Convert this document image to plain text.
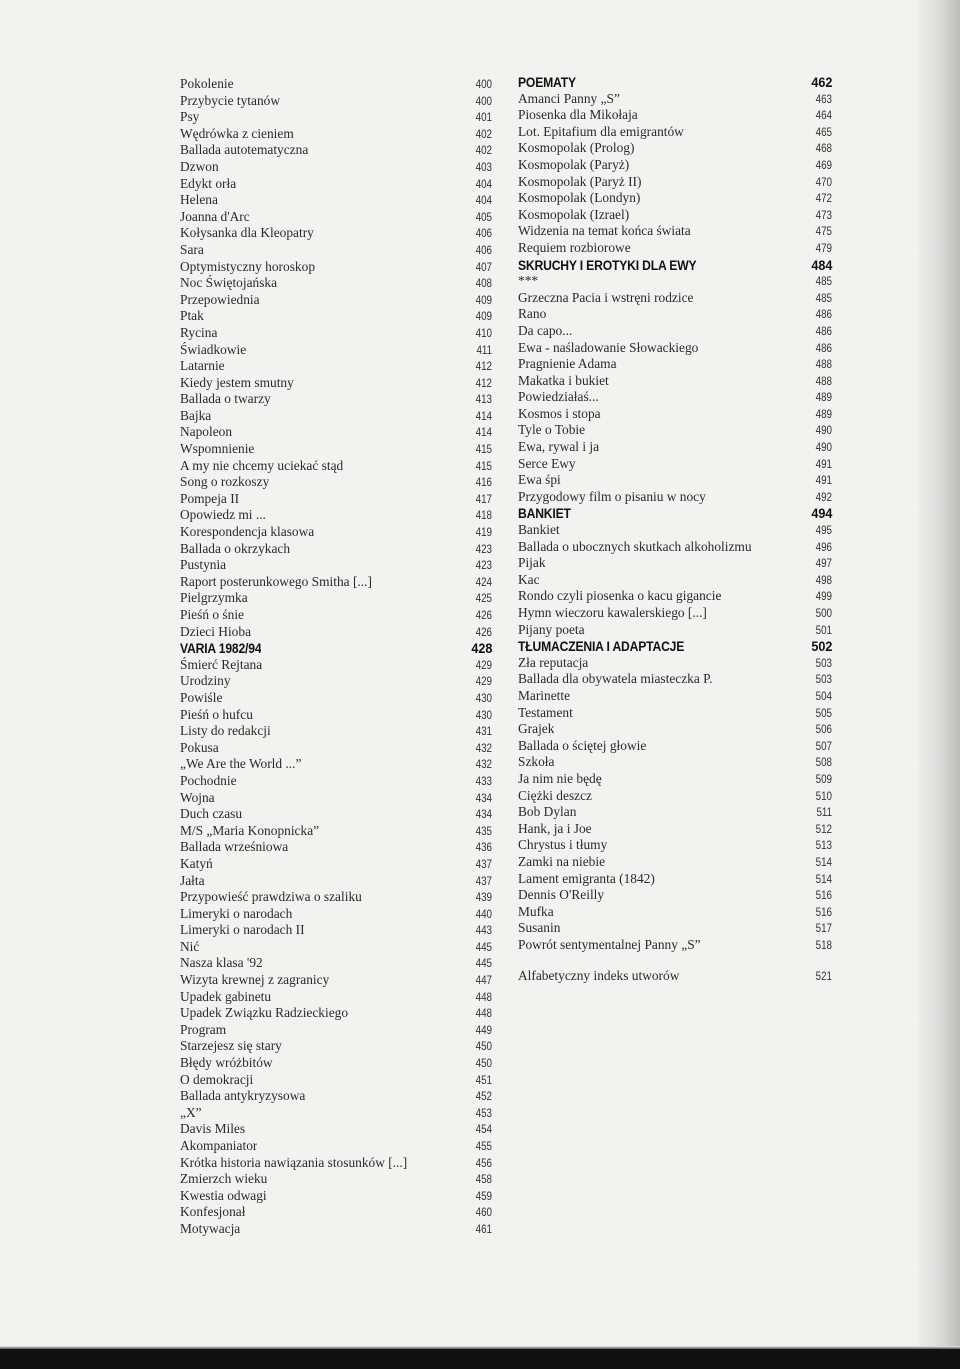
Pokolenie	400
Przybycie tytanów	400
Psy	401
Wędrówka z cieniem	402
Ballada autotematyczna	402
Dzwon	403
Edykt orła	404
Helena	404
Joanna d'Arc	405
Kołysanka dla Kleopatry	406
Sara	406
Optymistyczny horoskop	407
Noc Świętojańska	408
Przepowiednia	409
Ptak	409
Rycina	410
Świadkowie	411
Latarnie	412
Kiedy jestem smutny	412
Ballada o twarzy	413
Bajka	414
Napoleon	414
Wspomnienie	415
A my nie chcemy uciekać stąd	415
Song o rozkoszy	416
Pompeja II	417
Opowiedz mi ...	418
Korespondencja klasowa	419
Ballada o okrzykach	423
Pustynia	423
Raport posterunkowego Smitha [...]	424
Pielgrzymka	425
Pieśń o śnie	426
Dzieci Hioba	426
VARIA 1982/94	428
Śmierć Rejtana	429
Urodziny	429
Powiśle	430
Pieśń o hufcu	430
Listy do redakcji	431
Pokusa	432
„We Are the World ...”	432
Pochodnie	433
Wojna	434
Duch czasu	434
M/S „Maria Konopnicka”	435
Ballada wrześniowa	436
Katyń	437
Jałta	437
Przypowieść prawdziwa o szaliku	439
Limeryki o narodach	440
Limeryki o narodach II	443
Nić	445
Nasza klasa '92	445
Wizyta krewnej z zagranicy	447
Upadek gabinetu	448
Upadek Związku Radzieckiego	448
Program	449
Starzejesz się stary	450
Błędy wróżbitów	450
O demokracji	451
Ballada antykryzysowa	452
„X”	453
Davis Miles	454
Akompaniator	455
Krótka historia nawiązania stosunków [...]	456
Zmierzch wieku	458
Kwestia odwagi	459
Konfesjonał	460
Motywacja	461
POEMATY	462
Amanci Panny „S”	463
Piosenka dla Mikołaja	464
Lot. Epitafium dla emigrantów	465
Kosmopolak (Prolog)	468
Kosmopolak (Paryż)	469
Kosmopolak (Paryż II)	470
Kosmopolak (Londyn)	472
Kosmopolak (Izrael)	473
Widzenia na temat końca świata	475
Requiem rozbiorowe	479
SKRUCHY I EROTYKI DLA EWY	484
***	485
Grzeczna Pacia i wstręni rodzice	485
Rano	486
Da capo...	486
Ewa - naśladowanie Słowackiego	486
Pragnienie Adama	488
Makatka i bukiet	488
Powiedziałaś...	489
Kosmos i stopa	489
Tyle o Tobie	490
Ewa, rywal i ja	490
Serce Ewy	491
Ewa śpi	491
Przygodowy film o pisaniu w nocy	492
BANKIET	494
Bankiet	495
Ballada o ubocznych skutkach alkoholizmu	496
Pijak	497
Kac	498
Rondo czyli piosenka o kacu gigancie	499
Hymn wieczoru kawalerskiego [...]	500
Pijany poeta	501
TŁUMACZENIA I ADAPTACJE	502
Zła reputacja	503
Ballada dla obywatela miasteczka P.	503
Marinette	504
Testament	505
Grajek	506
Ballada o ściętej głowie	507
Szkoła	508
Ja nim nie będę	509
Ciężki deszcz	510
Bob Dylan	511
Hank, ja i Joe	512
Chrystus i tłumy	513
Zamki na niebie	514
Lament emigranta (1842)	514
Dennis O'Reilly	516
Mufka	516
Susanin	517
Powrót sentymentalnej Panny „S”	518
Alfabetyczny indeks utworów	521
